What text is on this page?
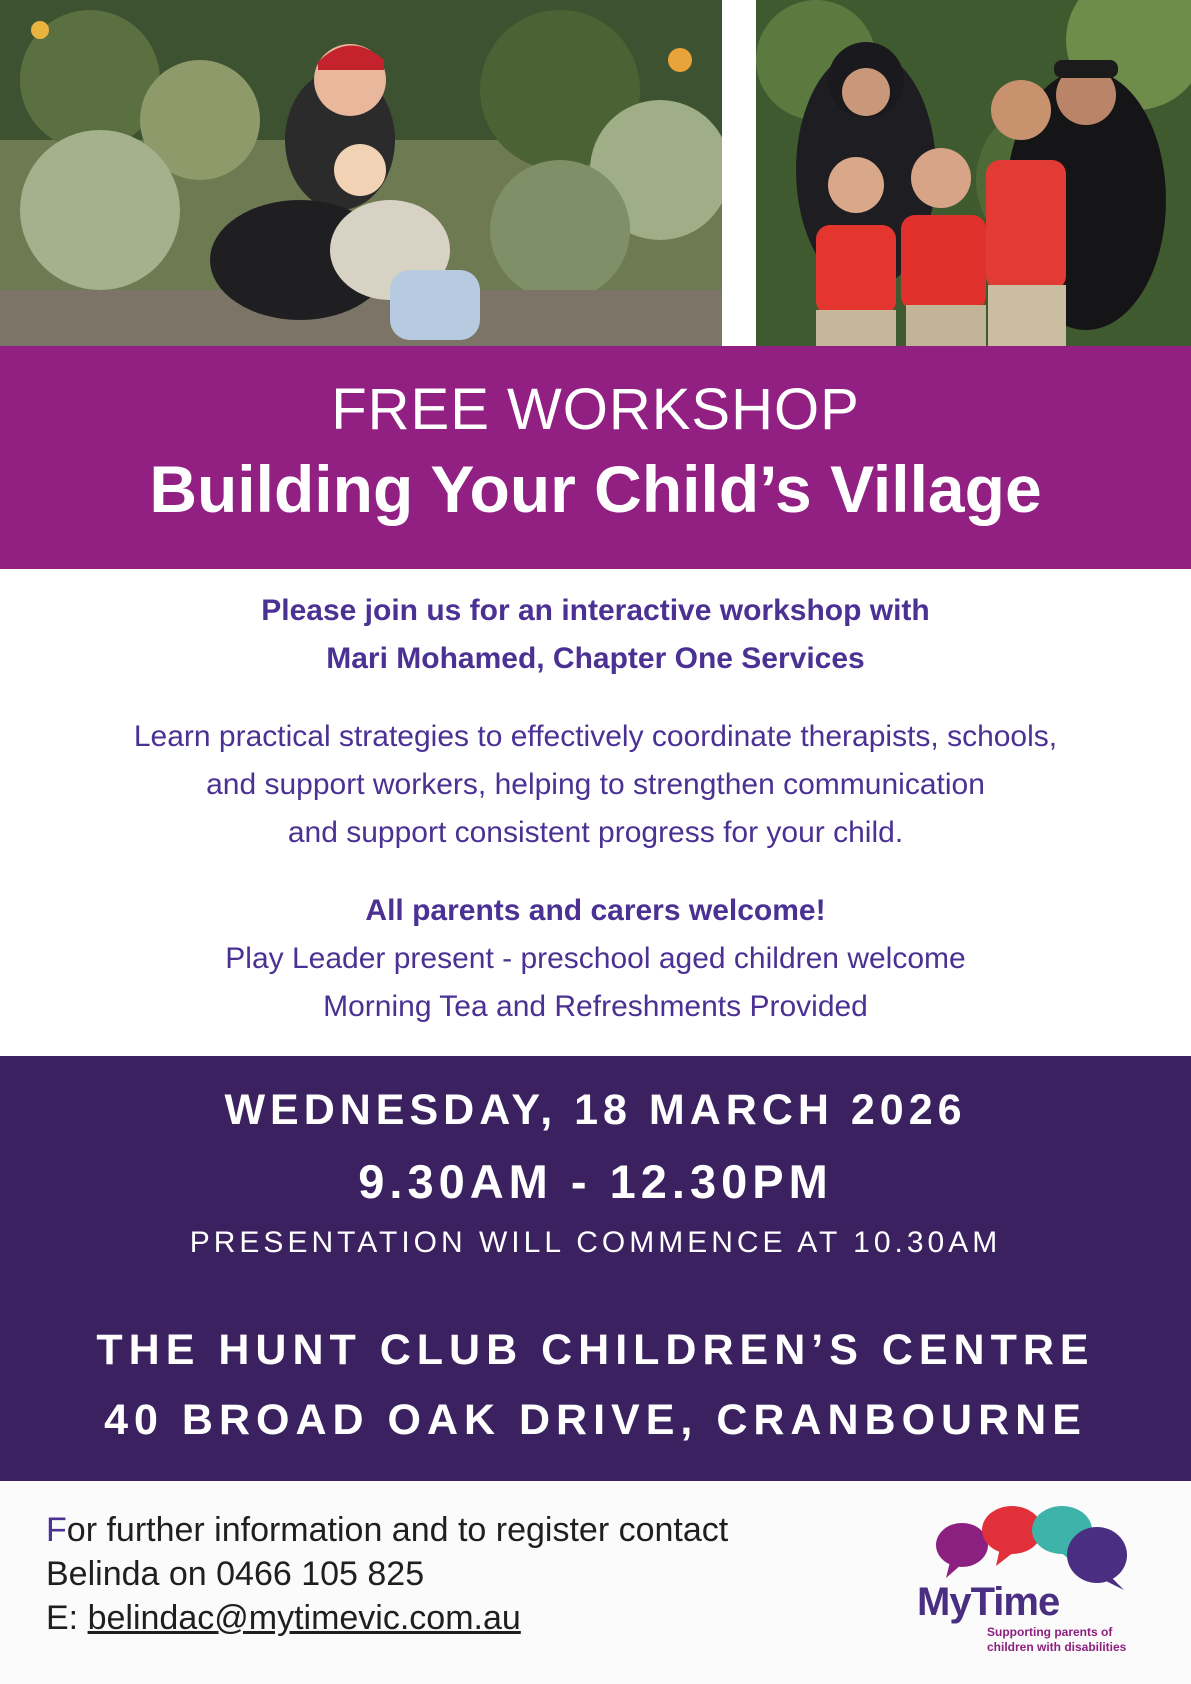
FREE WORKSHOP
Building Your Child’s Village
Please join us for an interactive workshop with
Mari Mohamed, Chapter One Services
Learn practical strategies to effectively coordinate therapists, schools,
and support workers, helping to strengthen communication
and support consistent progress for your child.
All parents and carers welcome!
Play Leader present - preschool aged children welcome
Morning Tea and Refreshments Provided
WEDNESDAY, 18 MARCH 2026
9.30AM - 12.30PM
PRESENTATION WILL COMMENCE AT 10.30AM
THE HUNT CLUB CHILDREN’S CENTRE
40 BROAD OAK DRIVE, CRANBOURNE
For further information and to register contact
Belinda on 0466 105 825
E: belindac@mytimevic.com.au	MyTime
Supporting parents of
children with disabilities
